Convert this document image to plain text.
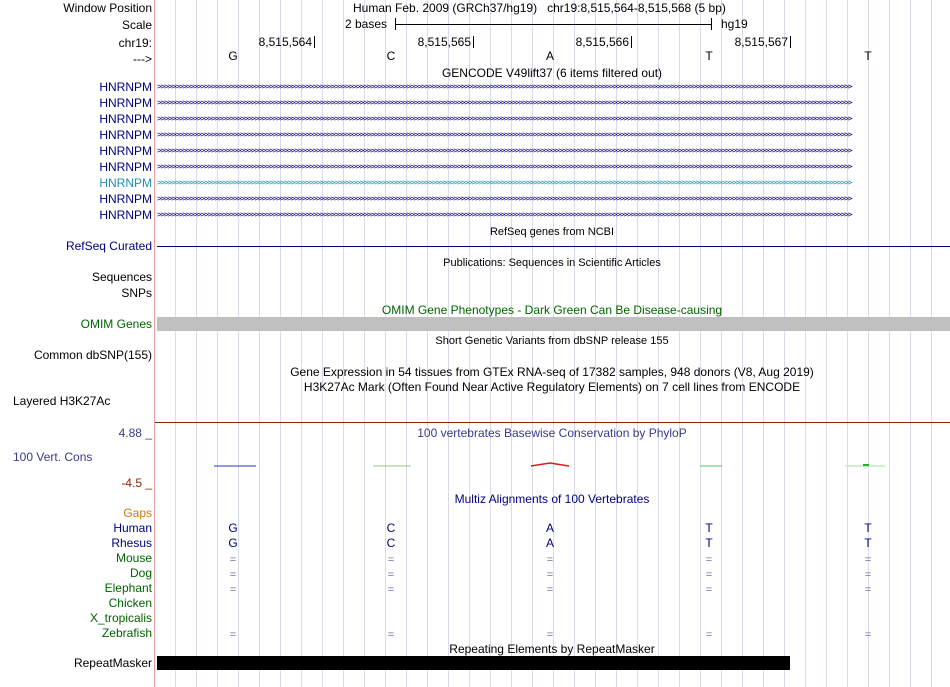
Window Position	Human Feb. 2009 (GRCh37/hg19)   chr19:8,515,564-8,515,568 (5 bp)
Scale	2 bases	hg19
chr19:	8,515,564	8,515,565	8,515,566	8,515,567
--->	G	C	A	T	T
GENCODE V49lift37 (6 items filtered out)
HNRNPM >>>>>>>>>>>>>>>>>>>>>>>>>>>>>>>>>>>>>>>>>>>>>>>>>>>>>>>>>>>>>>>>>>>>>>>>>>>>>>>>>>>>>>>>>>>>>>>>>>>>>>>>>>>>>>>>>>>>>>>>>>>>>>>>>>>>>>>>>>>>>>>>>>>>>>>>>>>>>>>>>>>>>>>>>>>>>>>>>>>>>>>>>>>>>>>>
HNRNPM >>>>>>>>>>>>>>>>>>>>>>>>>>>>>>>>>>>>>>>>>>>>>>>>>>>>>>>>>>>>>>>>>>>>>>>>>>>>>>>>>>>>>>>>>>>>>>>>>>>>>>>>>>>>>>>>>>>>>>>>>>>>>>>>>>>>>>>>>>>>>>>>>>>>>>>>>>>>>>>>>>>>>>>>>>>>>>>>>>>>>>>>>>>>>>>>
HNRNPM >>>>>>>>>>>>>>>>>>>>>>>>>>>>>>>>>>>>>>>>>>>>>>>>>>>>>>>>>>>>>>>>>>>>>>>>>>>>>>>>>>>>>>>>>>>>>>>>>>>>>>>>>>>>>>>>>>>>>>>>>>>>>>>>>>>>>>>>>>>>>>>>>>>>>>>>>>>>>>>>>>>>>>>>>>>>>>>>>>>>>>>>>>>>>>>>
HNRNPM >>>>>>>>>>>>>>>>>>>>>>>>>>>>>>>>>>>>>>>>>>>>>>>>>>>>>>>>>>>>>>>>>>>>>>>>>>>>>>>>>>>>>>>>>>>>>>>>>>>>>>>>>>>>>>>>>>>>>>>>>>>>>>>>>>>>>>>>>>>>>>>>>>>>>>>>>>>>>>>>>>>>>>>>>>>>>>>>>>>>>>>>>>>>>>>>
HNRNPM >>>>>>>>>>>>>>>>>>>>>>>>>>>>>>>>>>>>>>>>>>>>>>>>>>>>>>>>>>>>>>>>>>>>>>>>>>>>>>>>>>>>>>>>>>>>>>>>>>>>>>>>>>>>>>>>>>>>>>>>>>>>>>>>>>>>>>>>>>>>>>>>>>>>>>>>>>>>>>>>>>>>>>>>>>>>>>>>>>>>>>>>>>>>>>>>
HNRNPM >>>>>>>>>>>>>>>>>>>>>>>>>>>>>>>>>>>>>>>>>>>>>>>>>>>>>>>>>>>>>>>>>>>>>>>>>>>>>>>>>>>>>>>>>>>>>>>>>>>>>>>>>>>>>>>>>>>>>>>>>>>>>>>>>>>>>>>>>>>>>>>>>>>>>>>>>>>>>>>>>>>>>>>>>>>>>>>>>>>>>>>>>>>>>>>>
HNRNPM >>>>>>>>>>>>>>>>>>>>>>>>>>>>>>>>>>>>>>>>>>>>>>>>>>>>>>>>>>>>>>>>>>>>>>>>>>>>>>>>>>>>>>>>>>>>>>>>>>>>>>>>>>>>>>>>>>>>>>>>>>>>>>>>>>>>>>>>>>>>>>>>>>>>>>>>>>>>>>>>>>>>>>>>>>>>>>>>>>>>>>>>>>>>>>>>
HNRNPM >>>>>>>>>>>>>>>>>>>>>>>>>>>>>>>>>>>>>>>>>>>>>>>>>>>>>>>>>>>>>>>>>>>>>>>>>>>>>>>>>>>>>>>>>>>>>>>>>>>>>>>>>>>>>>>>>>>>>>>>>>>>>>>>>>>>>>>>>>>>>>>>>>>>>>>>>>>>>>>>>>>>>>>>>>>>>>>>>>>>>>>>>>>>>>>>
HNRNPM >>>>>>>>>>>>>>>>>>>>>>>>>>>>>>>>>>>>>>>>>>>>>>>>>>>>>>>>>>>>>>>>>>>>>>>>>>>>>>>>>>>>>>>>>>>>>>>>>>>>>>>>>>>>>>>>>>>>>>>>>>>>>>>>>>>>>>>>>>>>>>>>>>>>>>>>>>>>>>>>>>>>>>>>>>>>>>>>>>>>>>>>>>>>>>>>
RefSeq genes from NCBI
RefSeq Curated
Publications: Sequences in Scientific Articles
Sequences
SNPs
OMIM Gene Phenotypes - Dark Green Can Be Disease-causing
OMIM Genes
Short Genetic Variants from dbSNP release 155
Common dbSNP(155)
Gene Expression in 54 tissues from GTEx RNA-seq of 17382 samples, 948 donors (V8, Aug 2019)
H3K27Ac Mark (Often Found Near Active Regulatory Elements) on 7 cell lines from ENCODE
Layered H3K27Ac
4.88 _	100 vertebrates Basewise Conservation by PhyloP
100 Vert. Cons
-4.5 _
Multiz Alignments of 100 Vertebrates
Gaps
Human	G	C	A	T	T
Rhesus	G	C	A	T	T
Mouse	=	=	=	=	=
Dog	=	=	=	=	=
Elephant	=	=	=	=	=
Chicken
X_tropicalis
Zebrafish	=	=	=	=	=
Repeating Elements by RepeatMasker
RepeatMasker
